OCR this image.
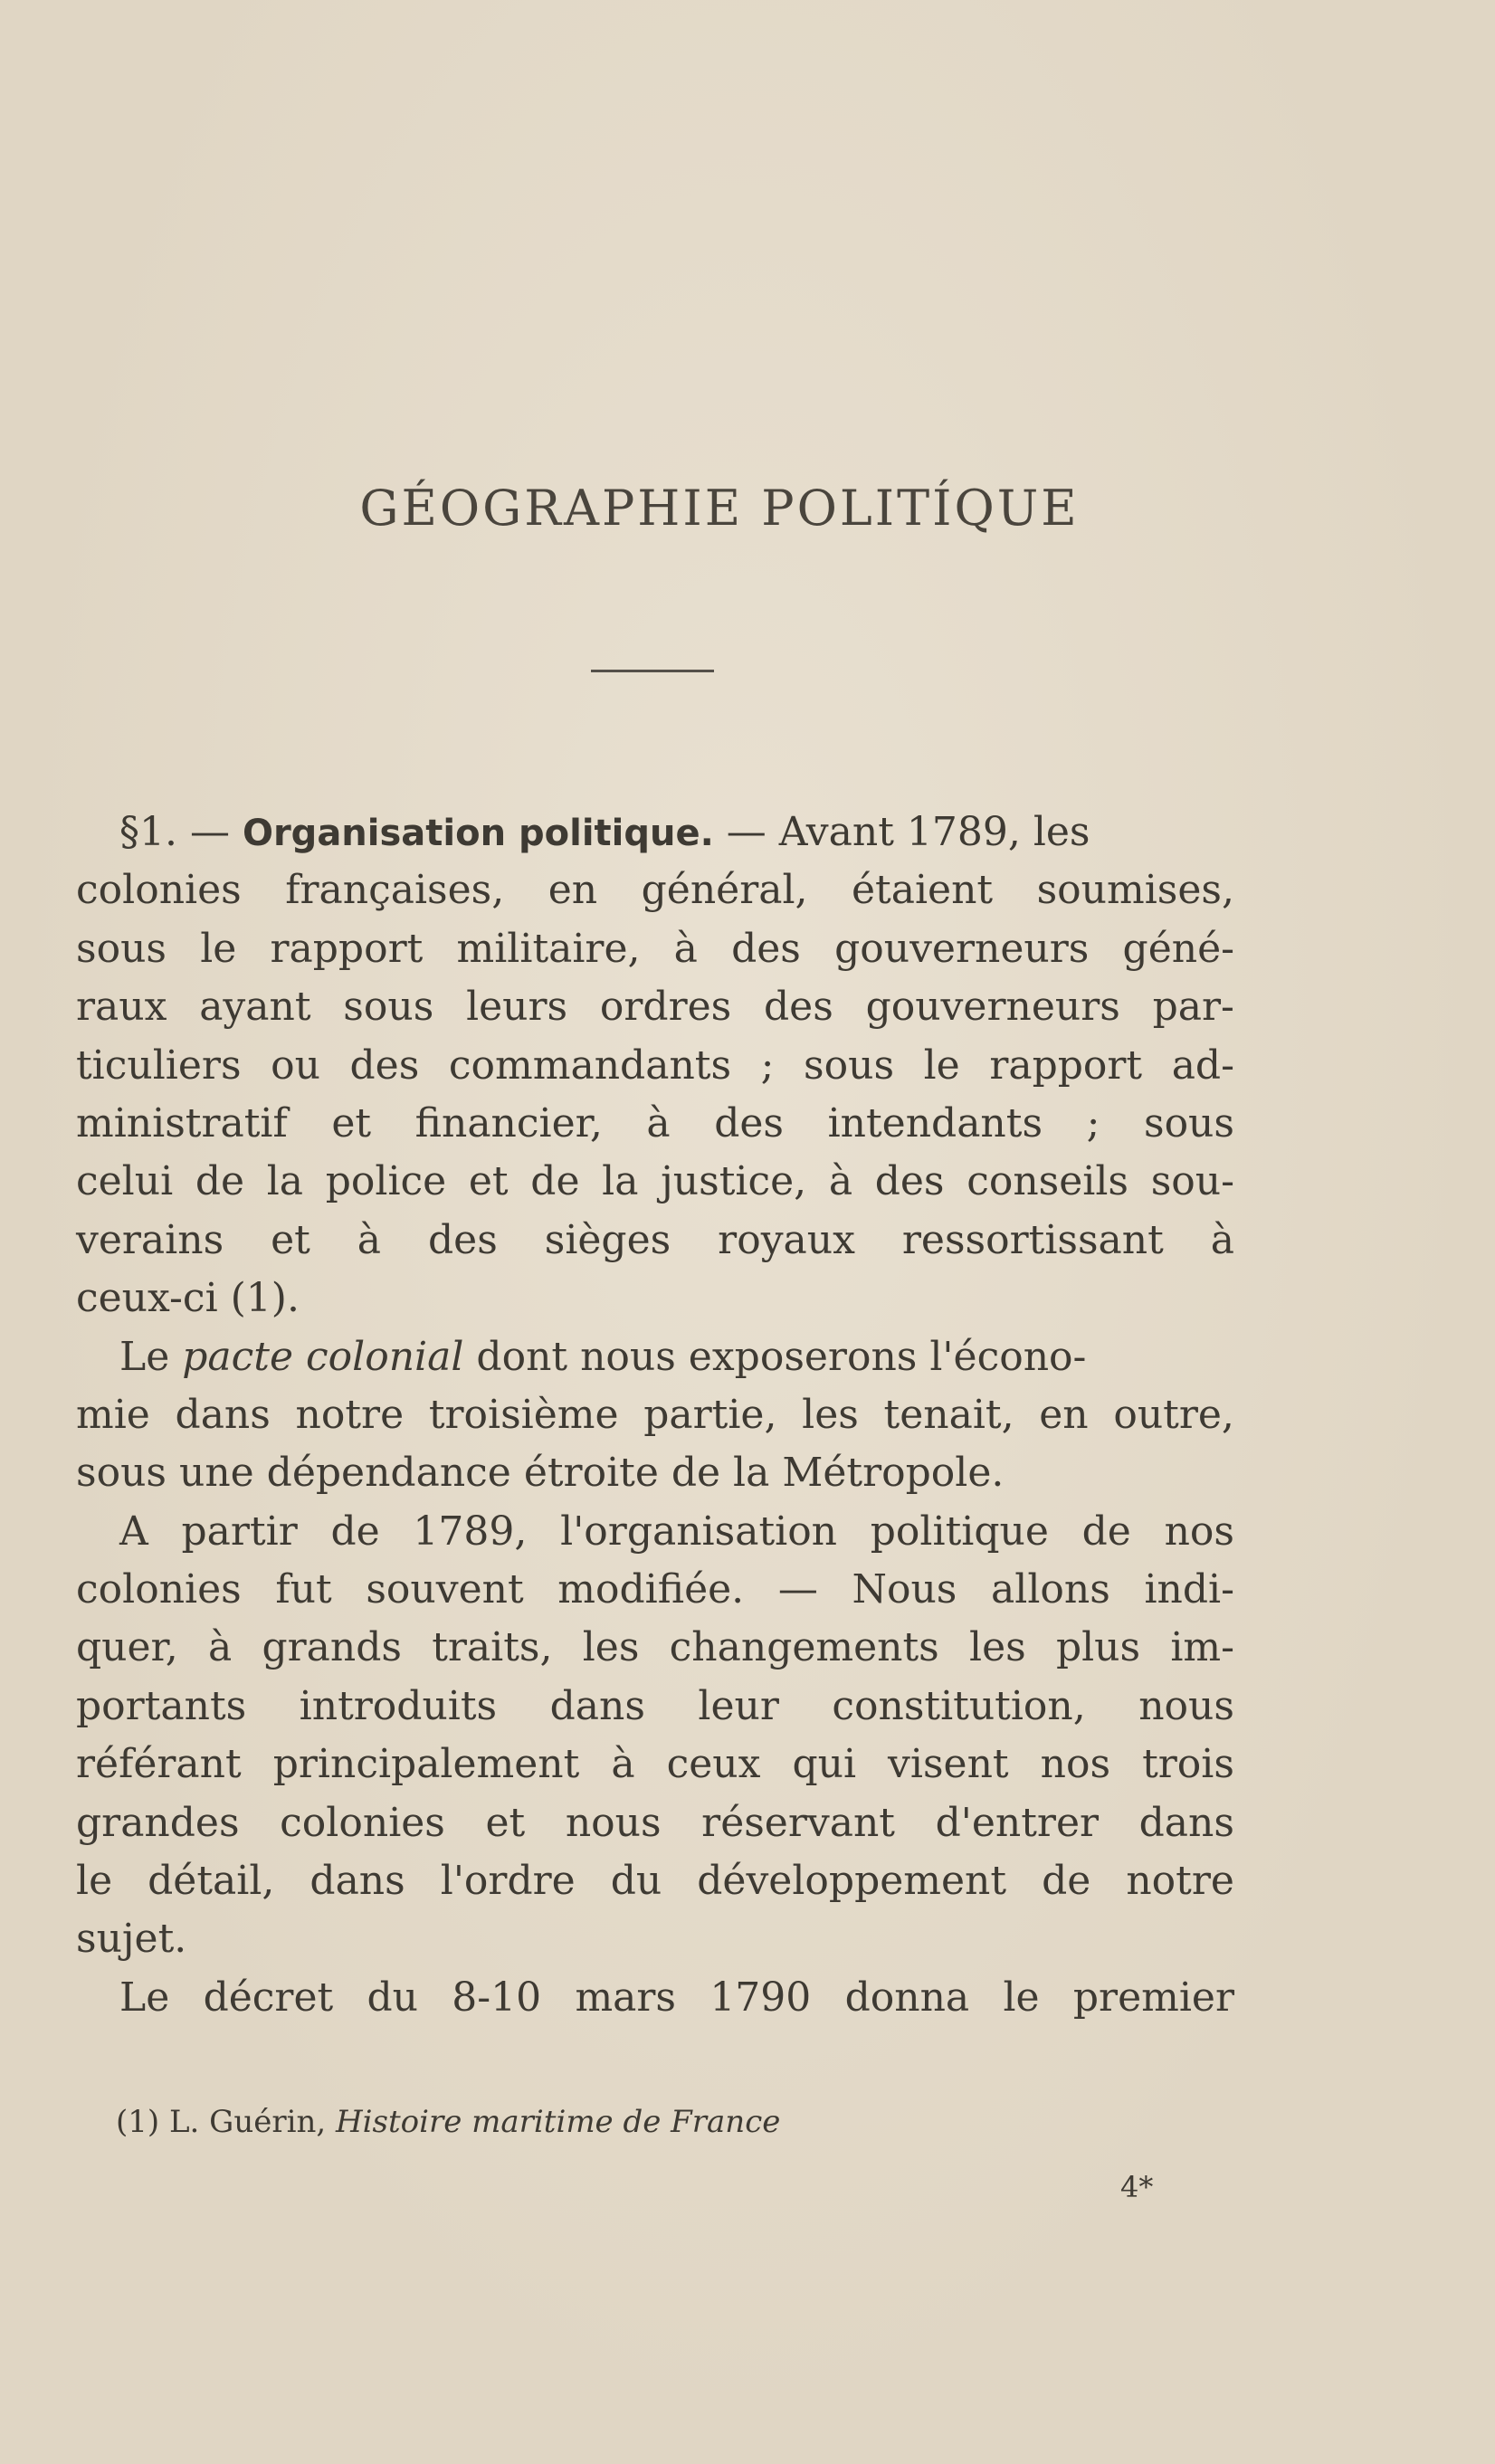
GÉOGRAPHIE POLITÍQUE
§1. — Organisation politique. — Avant 1789, les
colonies françaises, en général, étaient soumises,
sous le rapport militaire, à des gouverneurs géné-
raux ayant sous leurs ordres des gouverneurs par-
ticuliers ou des commandants ; sous le rapport ad-
ministratif et financier, à des intendants ; sous
celui de la police et de la justice, à des conseils sou-
verains et à des sièges royaux ressortissant à
ceux-ci (1).
Le pacte colonial dont nous exposerons l'écono-
mie dans notre troisième partie, les tenait, en outre,
sous une dépendance étroite de la Métropole.
A partir de 1789, l'organisation politique de nos
colonies fut souvent modifiée. — Nous allons indi-
quer, à grands traits, les changements les plus im-
portants introduits dans leur constitution, nous
référant principalement à ceux qui visent nos trois
grandes colonies et nous réservant d'entrer dans
le détail, dans l'ordre du développement de notre
sujet.
Le décret du 8-10 mars 1790 donna le premier
(1) L. Guérin, Histoire maritime de France
4*
